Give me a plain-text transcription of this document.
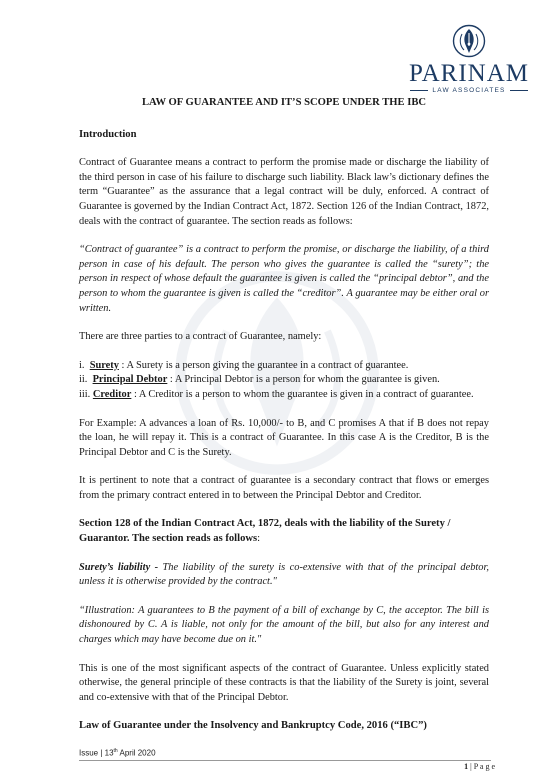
PARINAM
LAW ASSOCIATES
LAW OF GUARANTEE AND IT’S SCOPE UNDER THE IBC
Introduction

Contract of Guarantee means a contract to perform the promise made or discharge the liability of the third person in case of his failure to discharge such liability. Black law’s dictionary defines the term “Guarantee” as the assurance that a legal contract will be duly, enforced. A contract of Guarantee is governed by the Indian Contract Act, 1872. Section 126 of the Indian Contract, 1872, deals with the contract of guarantee. The section reads as follows:

“Contract of guarantee” is a contract to perform the promise, or discharge the liability, of a third person in case of his default. The person who gives the guarantee is called the “surety”; the person in respect of whose default the guarantee is given is called the “principal debtor”, and the person to whom the guarantee is given is called the “creditor”. A guarantee may be either oral or written.

There are three parties to a contract of Guarantee, namely:

i. Surety : A Surety is a person giving the guarantee in a contract of guarantee.
ii. Principal Debtor : A Principal Debtor is a person for whom the guarantee is given.
iii. Creditor : A Creditor is a person to whom the guarantee is given in a contract of guarantee.

For Example: A advances a loan of Rs. 10,000/- to B, and C promises A that if B does not repay the loan, he will repay it. This is a contract of Guarantee. In this case A is the Creditor, B is the Principal Debtor and C is the Surety.

It is pertinent to note that a contract of guarantee is a secondary contract that flows or emerges from the primary contract entered in to between the Principal Debtor and Creditor.

Section 128 of the Indian Contract Act, 1872, deals with the liability of the Surety / Guarantor. The section reads as follows:

Surety’s liability - The liability of the surety is co-extensive with that of the principal debtor, unless it is otherwise provided by the contract."

“Illustration: A guarantees to B the payment of a bill of exchange by C, the acceptor. The bill is dishonoured by C. A is liable, not only for the amount of the bill, but also for any interest and charges which may have become due on it."

This is one of the most significant aspects of the contract of Guarantee. Unless explicitly stated otherwise, the general principle of these contracts is that the liability of the Surety is joint, several and co-extensive with that of the Principal Debtor.

Law of Guarantee under the Insolvency and Bankruptcy Code, 2016 (“IBC”)
Issue | 13th April 2020
1 | P a g e
